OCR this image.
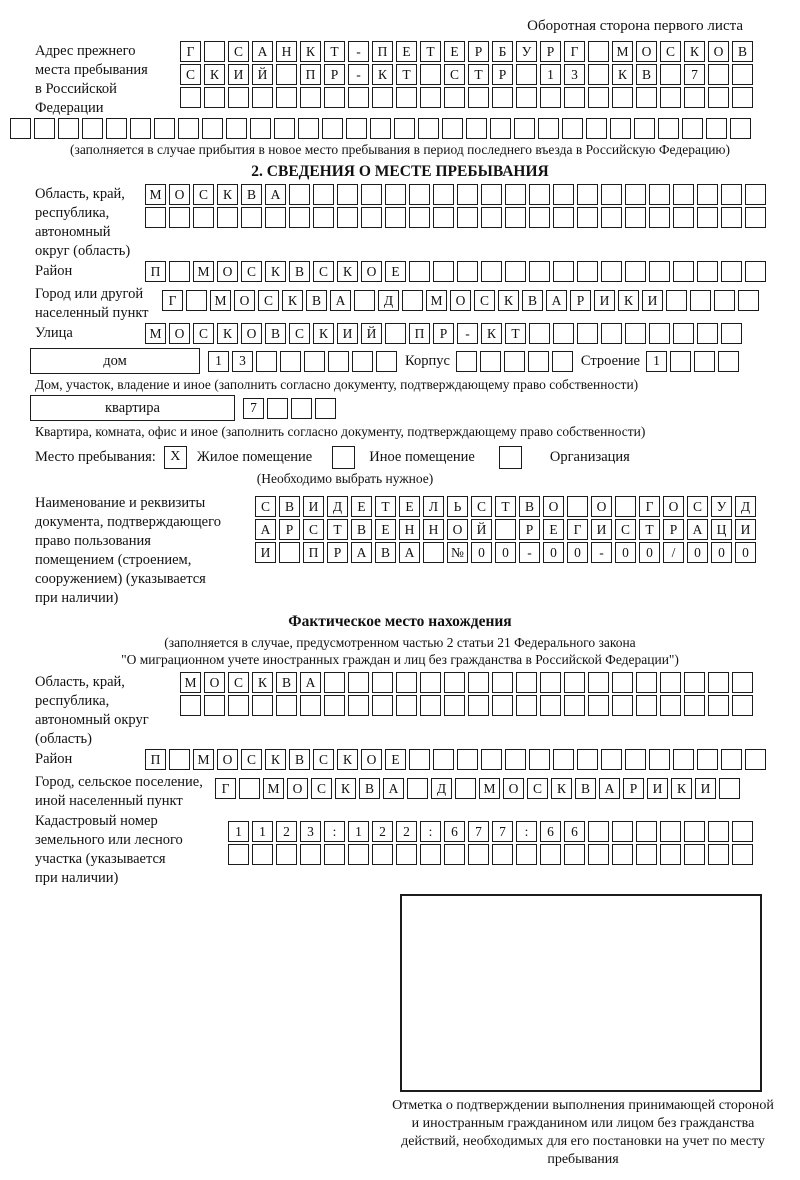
Оборотная сторона первого листа
Адрес прежнего
места пребывания
в Российской
Федерации
Г	С	А	Н	К	Т	-	П	Е	Т	Е	Р	Б	У	Р	Г	М О	С	К	О	В
С	К	И	Й	П	Р	-	К	Т	С	Т	Р	1	3	К	В	7
(заполняется в случае прибытия в новое место пребывания в период последнего въезда в Российскую Федерацию)
2. СВЕДЕНИЯ О МЕСТЕ ПРЕБЫВАНИЯ
Область, край,
республика,
автономный
округ (область)
М О	С	К	В	А
Район	П	М О	С	К	В	С	К	О	Е
Город или другой
населенный пункт
Г	М О	С	К	В	А	Д	М О	С	К	В	А	Р	И	К	И
Улица	М О	С	К	О	В	С	К	И	Й	П	Р	-	К	Т
дом	1	3	Корпус	Строение 1
Дом, участок, владение и иное (заполнить согласно документу, подтверждающему право собственности)
квартира	7
Квартира, комната, офис и иное (заполнить согласно документу, подтверждающему право собственности)
Место пребывания:	X	Жилое помещение	Иное помещение	Организация
(Необходимо выбрать нужное)
Наименование и реквизиты
документа, подтверждающего
право пользования
помещением (строением,
сооружением) (указывается
при наличии)
С	В	И	Д	Е	Т	Е	Л	Ь	С	Т	В	О	О	Г	О	С	У	Д
А	Р	С	Т	В	Е	Н	Н	О	Й	Р	Е	Г	И	С	Т	Р	А	Ц	И
И	П	Р	А	В	А	№	0	0	-	0	0	-	0	0	/	0	0	0
Фактическое место нахождения
(заполняется в случае, предусмотренном частью 2 статьи 21 Федерального закона
"О миграционном учете иностранных граждан и лиц без гражданства в Российской Федерации")
Область, край,
республика,
автономный округ
(область)
М О	С	К	В	А
Район	П	М О	С	К	В	С	К	О	Е
Город, сельское поселение,
иной населенный пункт
Г	М О	С	К	В	А	Д	М О	С	К	В	А	Р	И	К	И
Кадастровый номер
земельного или лесного
участка (указывается
при наличии)
1	1	2	3	:	1	2	2	:	6	7	7	:	6	6
Отметка о подтверждении выполнения принимающей стороной и иностранным гражданином или лицом без гражданства действий, необходимых для его постановки на учет по месту пребывания
